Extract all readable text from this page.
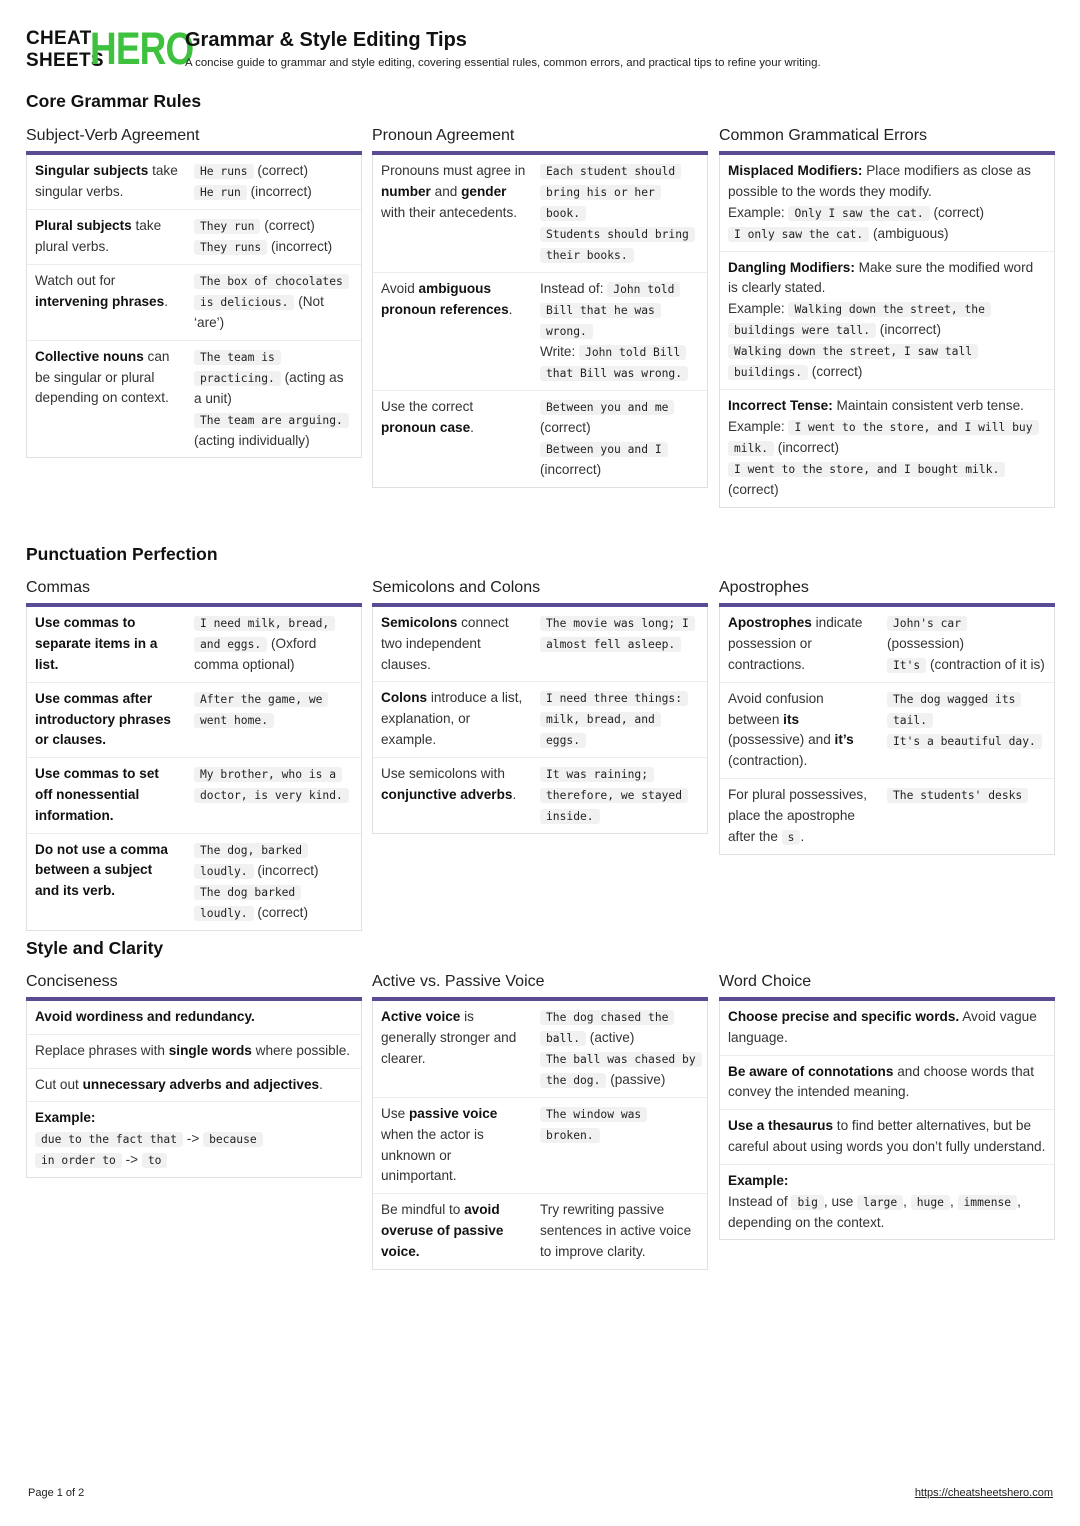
CHEAT
SHEETS
HERO
Grammar & Style Editing Tips
A concise guide to grammar and style editing, covering essential rules, common errors, and practical tips to refine your writing.
Core Grammar Rules
Subject-Verb Agreement
Singular subjects take singular verbs.
He runs (correct)
He run (incorrect)
Plural subjects take plural verbs.
They run (correct)
They runs (incorrect)
Watch out for intervening phrases.
The box of chocolates is delicious. (Not ‘are’)
Collective nouns can be singular or plural depending on context.
The team is practicing. (acting as a unit)
The team are arguing. (acting individually)
Pronoun Agreement
Pronouns must agree in number and gender with their antecedents.
Each student should bring his or her book.
Students should bring their books.
Avoid ambiguous pronoun references.
Instead of: John told Bill that he was wrong.
Write: John told Bill that Bill was wrong.
Use the correct pronoun case.
Between you and me (correct)
Between you and I (incorrect)
Common Grammatical Errors
Misplaced Modifiers: Place modifiers as close as possible to the words they modify.
Example: Only I saw the cat. (correct)
I only saw the cat. (ambiguous)
Dangling Modifiers: Make sure the modified word is clearly stated.
Example: Walking down the street, the buildings were tall. (incorrect)
Walking down the street, I saw tall buildings. (correct)
Incorrect Tense: Maintain consistent verb tense.
Example: I went to the store, and I will buy milk. (incorrect)
I went to the store, and I bought milk. (correct)
Punctuation Perfection
Commas
Use commas to separate items in a list.
I need milk, bread, and eggs. (Oxford comma optional)
Use commas after introductory phrases or clauses.
After the game, we went home.
Use commas to set off nonessential information.
My brother, who is a doctor, is very kind.
Do not use a comma between a subject and its verb.
The dog, barked loudly. (incorrect)
The dog barked loudly. (correct)
Semicolons and Colons
Semicolons connect two independent clauses.
The movie was long; I almost fell asleep.
Colons introduce a list, explanation, or example.
I need three things: milk, bread, and eggs.
Use semicolons with conjunctive adverbs.
It was raining; therefore, we stayed inside.
Apostrophes
Apostrophes indicate possession or contractions.
John's car (possession)
It's (contraction of it is)
Avoid confusion between its (possessive) and it’s (contraction).
The dog wagged its tail.
It's a beautiful day.
For plural possessives, place the apostrophe after the s .
The students' desks
Style and Clarity
Conciseness
Avoid wordiness and redundancy.
Replace phrases with single words where possible.
Cut out unnecessary adverbs and adjectives.
Example:
due to the fact that -> because
in order to -> to
Active vs. Passive Voice
Active voice is generally stronger and clearer.
The dog chased the ball. (active)
The ball was chased by the dog. (passive)
Use passive voice when the actor is unknown or unimportant.
The window was broken.
Be mindful to avoid overuse of passive voice.
Try rewriting passive sentences in active voice to improve clarity.
Word Choice
Choose precise and specific words. Avoid vague language.
Be aware of connotations and choose words that convey the intended meaning.
Use a thesaurus to find better alternatives, but be careful about using words you don’t fully understand.
Example:
Instead of big , use large , huge , immense , depending on the context.
Page 1 of 2	https://cheatsheetshero.com
